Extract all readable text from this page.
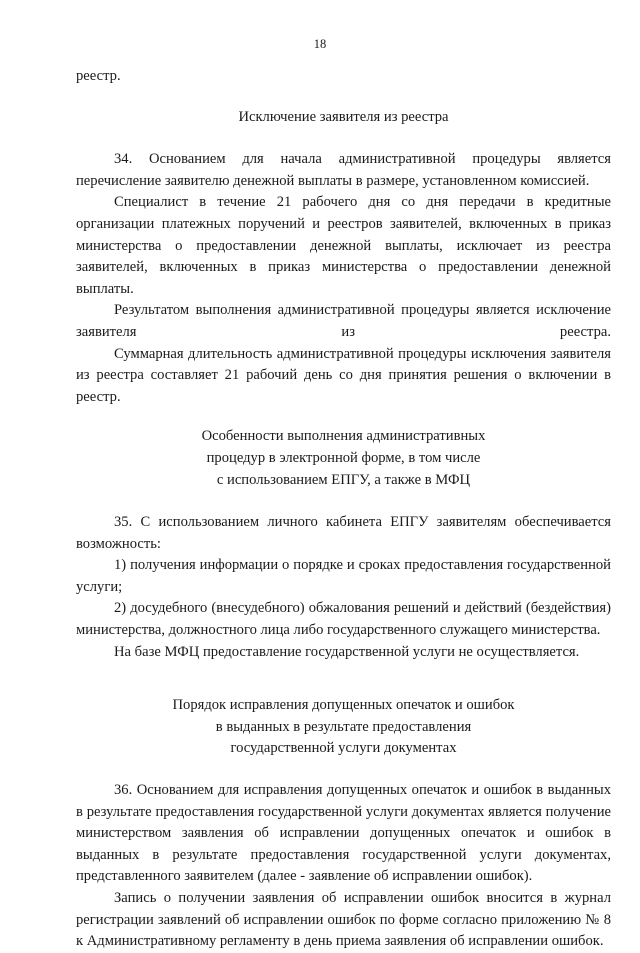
18

реестр.

Исключение заявителя из реестра

34. Основанием для начала административной процедуры является перечисление заявителю денежной выплаты в размере, установленном комиссией.

Специалист в течение 21 рабочего дня со дня передачи в кредитные организации платежных поручений и реестров заявителей, включенных в приказ министерства о предоставлении денежной выплаты, исключает из реестра заявителей, включенных в приказ министерства о предоставлении денежной выплаты.

Результатом выполнения административной процедуры является исключение заявителя из реестра.

Суммарная длительность административной процедуры исключения заявителя из реестра составляет 21 рабочий день со дня принятия решения о включении в реестр.

Особенности выполнения административных
процедур в электронной форме, в том числе
с использованием ЕПГУ, а также в МФЦ

35. С использованием личного кабинета ЕПГУ заявителям обеспечивается возможность:

1) получения информации о порядке и сроках предоставления государственной услуги;

2) досудебного (внесудебного) обжалования решений и действий (бездействия) министерства, должностного лица либо государственного служащего министерства.

На базе МФЦ предоставление государственной услуги не осуществляется.

Порядок исправления допущенных опечаток и ошибок
в выданных в результате предоставления
государственной услуги документах

36. Основанием для исправления допущенных опечаток и ошибок в выданных в результате предоставления государственной услуги документах является получение министерством заявления об исправлении допущенных опечаток и ошибок в выданных в результате предоставления государственной услуги документах, представленного заявителем (далее - заявление об исправлении ошибок).

Запись о получении заявления об исправлении ошибок вносится в журнал регистрации заявлений об исправлении ошибок по форме согласно приложению № 8 к Административному регламенту в день приема заявления об исправлении ошибок.
